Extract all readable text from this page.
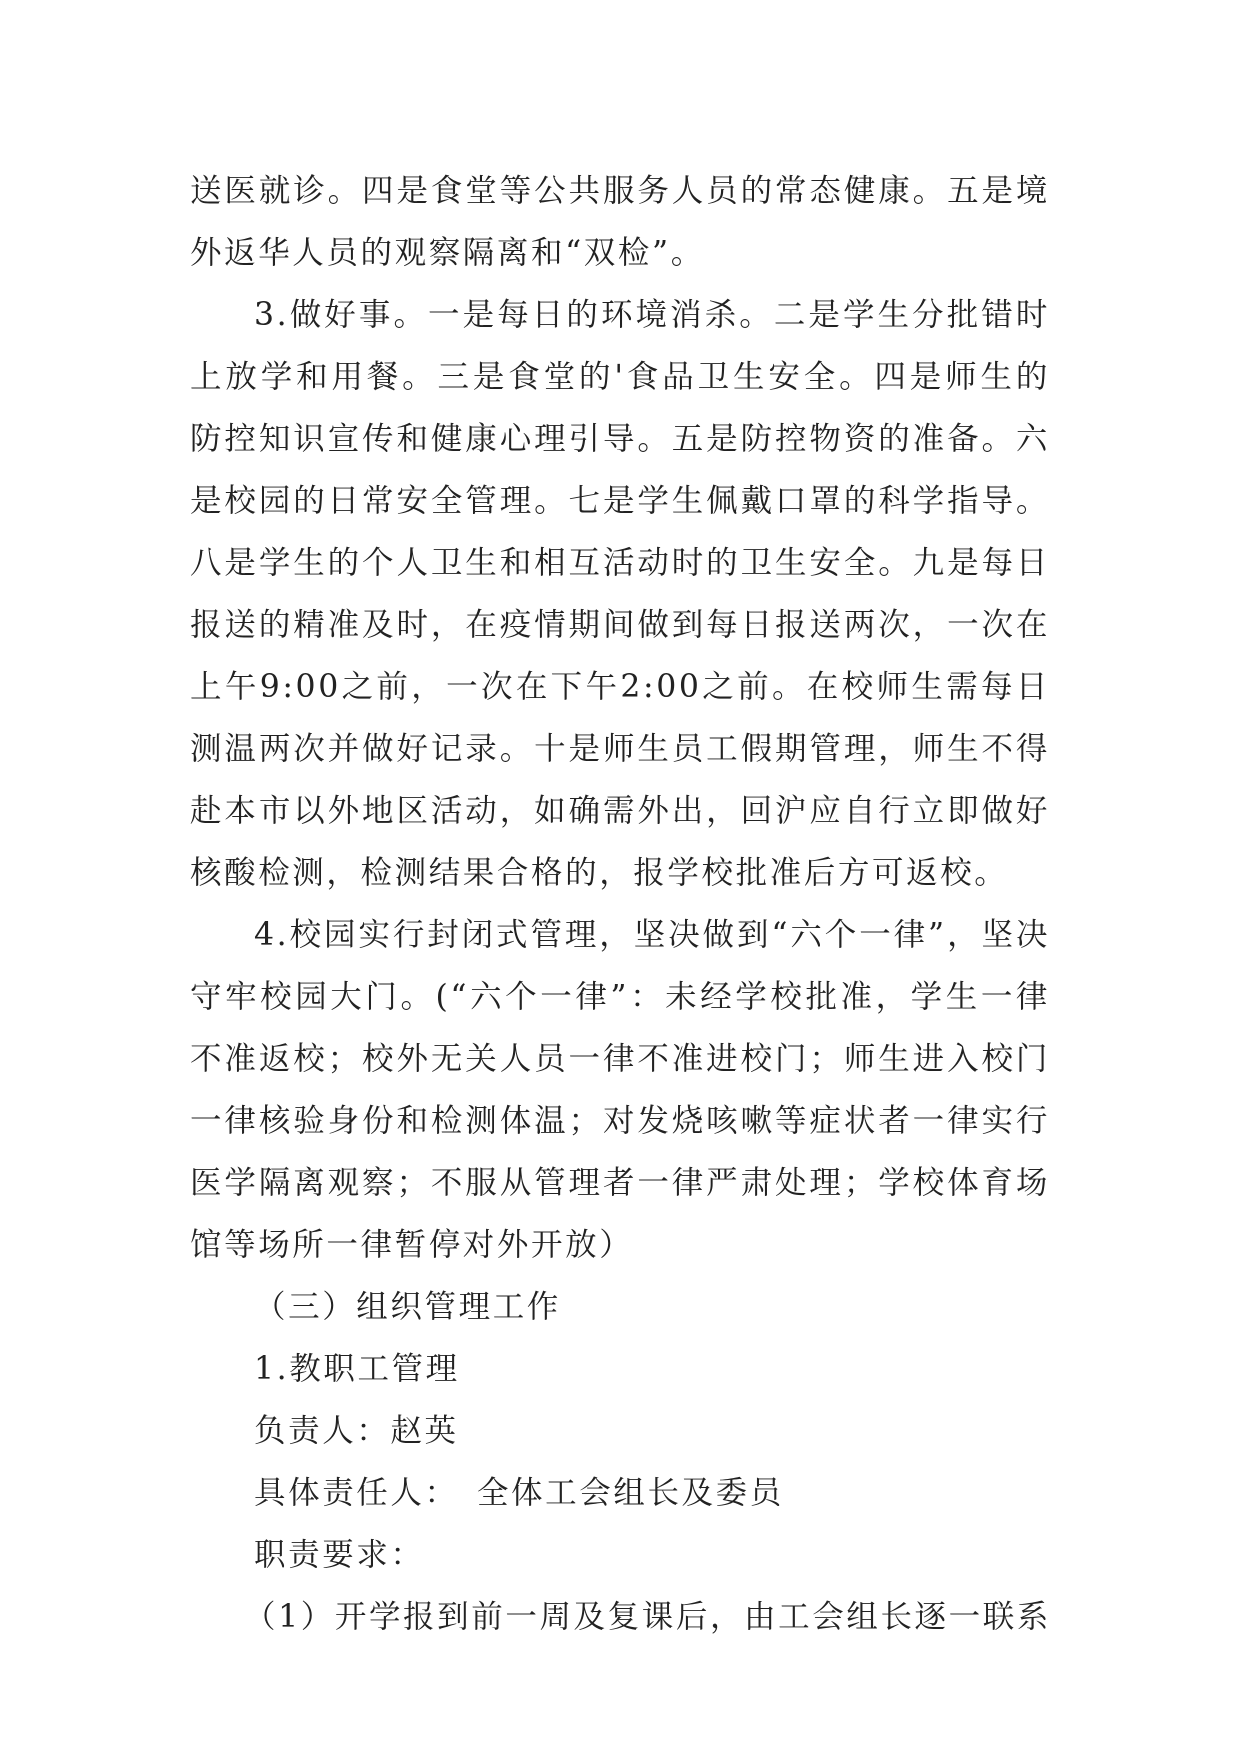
送医就诊。四是食堂等公共服务人员的常态健康。五是境外返华人员的观察隔离和“双检”。

3.做好事。一是每日的环境消杀。二是学生分批错时上放学和用餐。三是食堂的'食品卫生安全。四是师生的防控知识宣传和健康心理引导。五是防控物资的准备。六是校园的日常安全管理。七是学生佩戴口罩的科学指导。八是学生的个人卫生和相互活动时的卫生安全。九是每日报送的精准及时，在疫情期间做到每日报送两次，一次在上午9:00之前，一次在下午2:00之前。在校师生需每日测温两次并做好记录。十是师生员工假期管理，师生不得赴本市以外地区活动，如确需外出，回沪应自行立即做好核酸检测，检测结果合格的，报学校批准后方可返校。

4.校园实行封闭式管理，坚决做到“六个一律”，坚决守牢校园大门。(“六个一律”：未经学校批准，学生一律不准返校；校外无关人员一律不准进校门；师生进入校门一律核验身份和检测体温；对发烧咳嗽等症状者一律实行医学隔离观察；不服从管理者一律严肃处理；学校体育场馆等场所一律暂停对外开放）

（三）组织管理工作

1.教职工管理

负责人：赵英

具体责任人：　全体工会组长及委员

职责要求：

（1）开学报到前一周及复课后，由工会组长逐一联系
